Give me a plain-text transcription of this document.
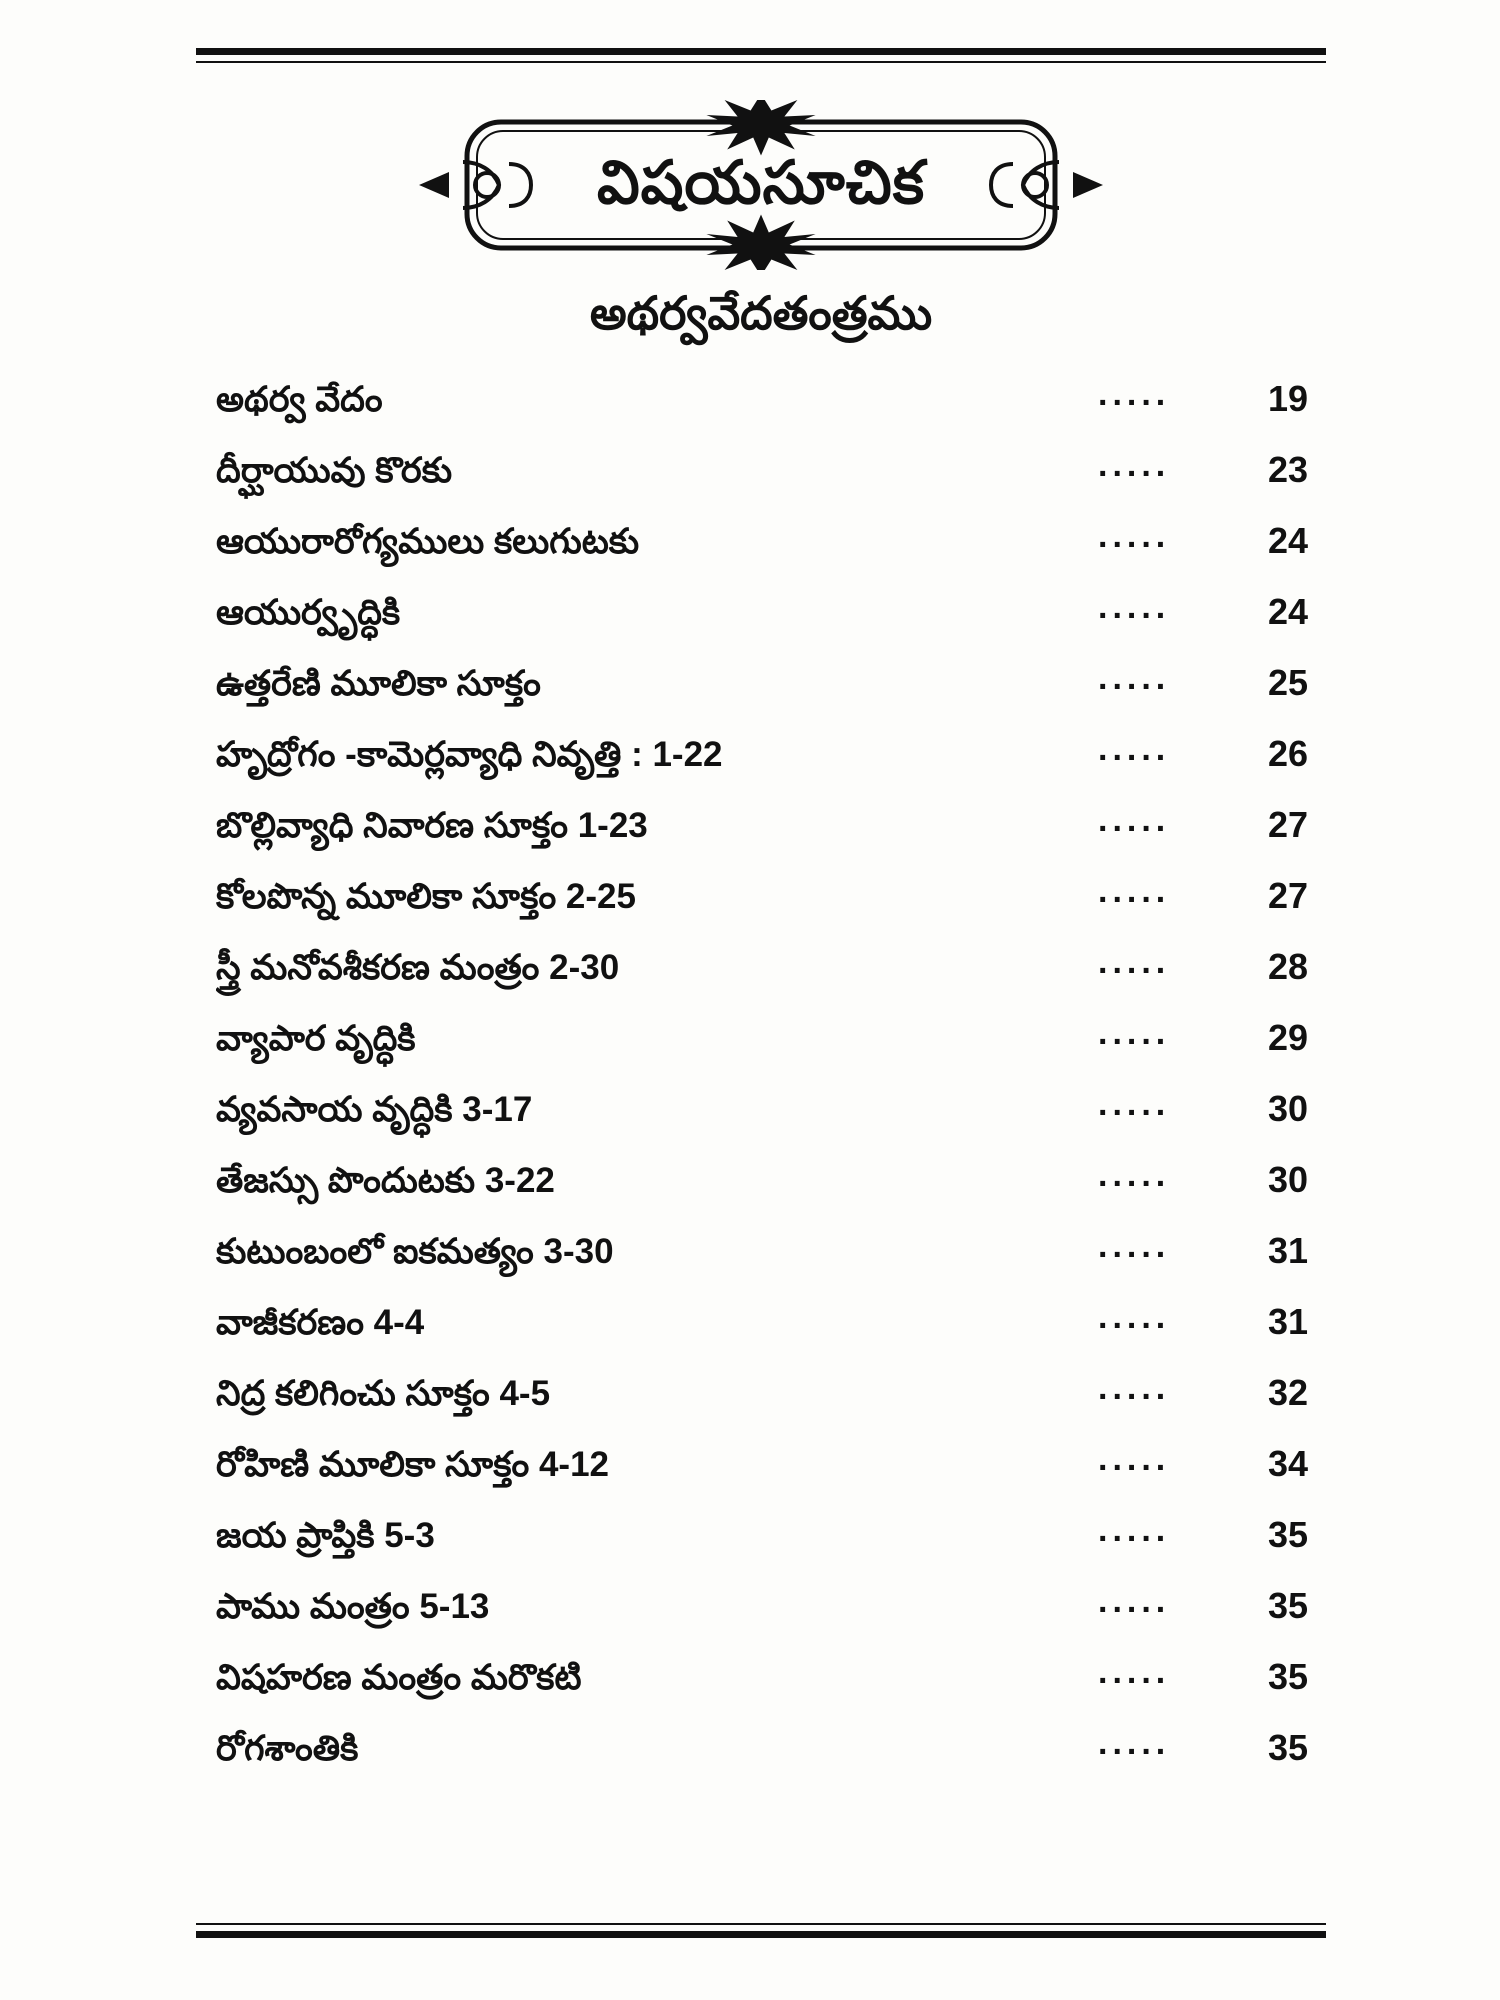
విషయసూచిక
అథర్వవేదతంత్రము
అథర్వ వేదం	.....	19
దీర్ఘాయువు కొరకు	.....	23
ఆయురారోగ్యములు కలుగుటకు	.....	24
ఆయుర్వృద్ధికి	.....	24
ఉత్తరేణి మూలికా సూక్తం	.....	25
హృద్రోగం -కామెర్లవ్యాధి నివృత్తి : 1-22	.....	26
బొల్లివ్యాధి నివారణ సూక్తం 1-23	.....	27
కోలపొన్న మూలికా సూక్తం 2-25	.....	27
స్త్రీ మనోవశీకరణ మంత్రం 2-30	.....	28
వ్యాపార వృద్ధికి	.....	29
వ్యవసాయ వృద్ధికి 3-17	.....	30
తేజస్సు పొందుటకు 3-22	.....	30
కుటుంబంలో ఐకమత్యం 3-30	.....	31
వాజీకరణం 4-4	.....	31
నిద్ర కలిగించు సూక్తం 4-5	.....	32
రోహిణి మూలికా సూక్తం 4-12	.....	34
జయ ప్రాప్తికి 5-3	.....	35
పాము మంత్రం 5-13	.....	35
విషహరణ మంత్రం మరొకటి	.....	35
రోగశాంతికి	.....	35
